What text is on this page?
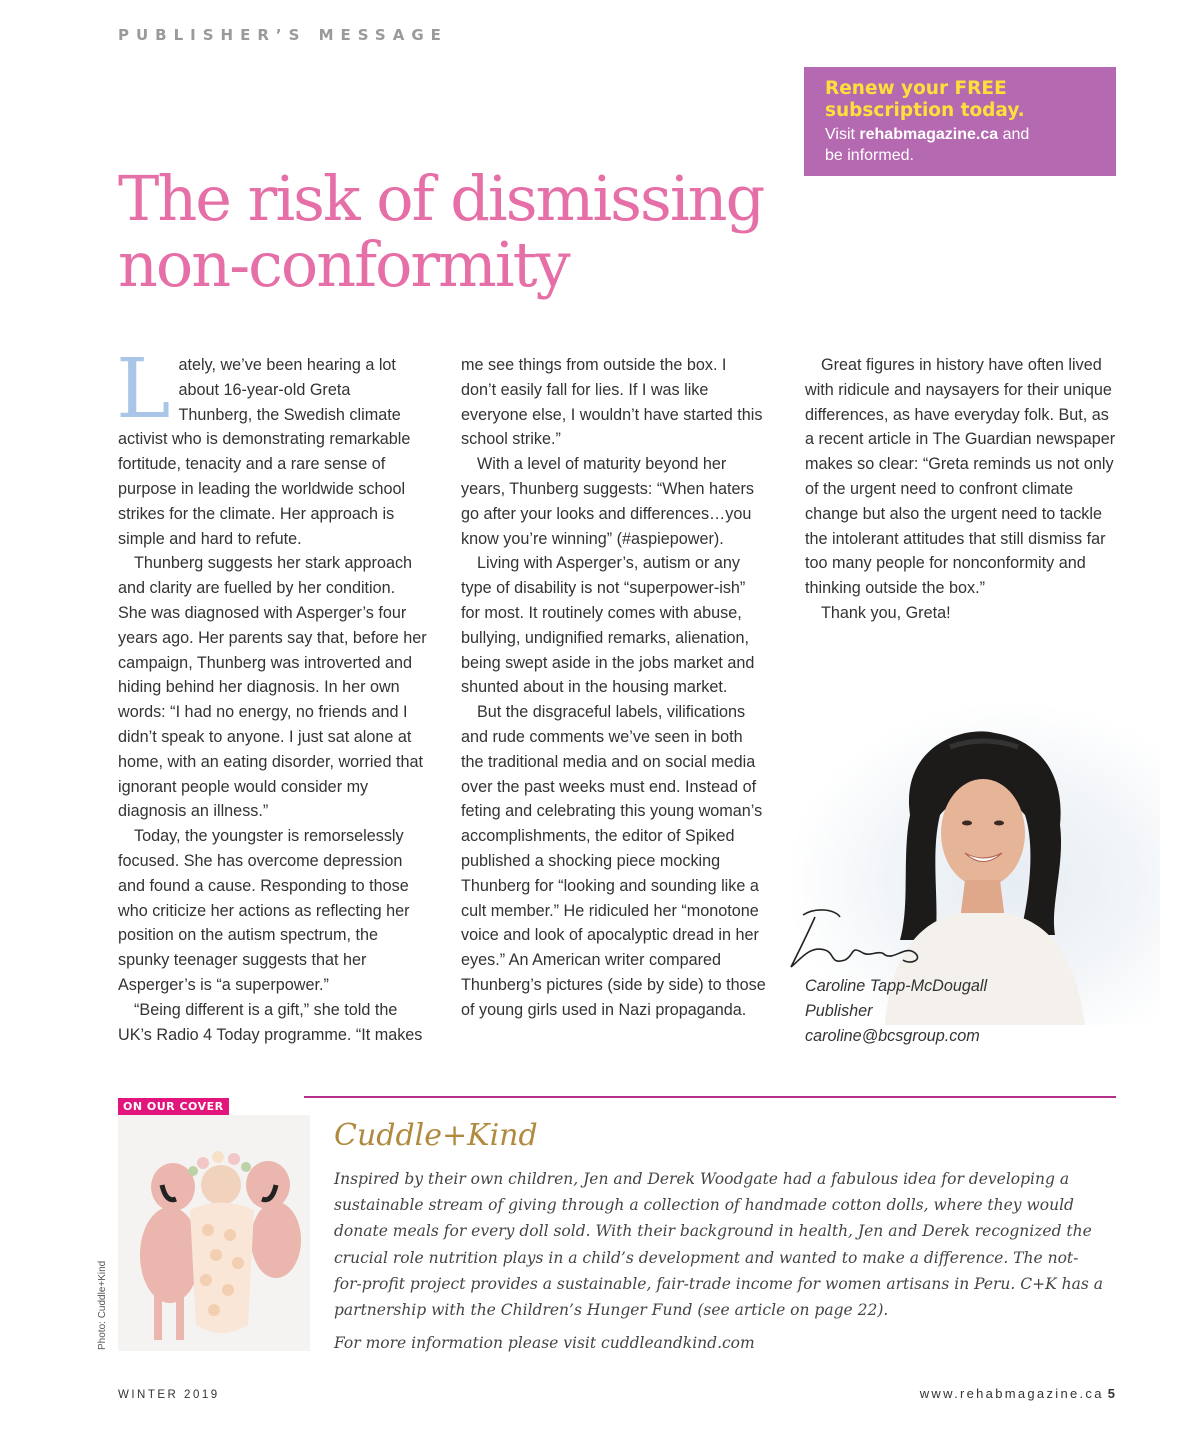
PUBLISHER’S MESSAGE
Renew your FREE subscription today.
Visit rehabmagazine.ca and
be informed.
The risk of dismissing
non-conformity

Lately, we’ve been hearing a lot about 16-year-old Greta Thunberg, the Swedish climate activist who is demonstrating remarkable fortitude, tenacity and a rare sense of purpose in leading the worldwide school strikes for the climate. Her approach is simple and hard to refute.

Thunberg suggests her stark approach and clarity are fuelled by her condition. She was diagnosed with Asperger’s four years ago. Her parents say that, before her campaign, Thunberg was introverted and hiding behind her diagnosis. In her own words: “I had no energy, no friends and I didn’t speak to anyone. I just sat alone at home, with an eating disorder, worried that ignorant people would consider my diagnosis an illness.”

Today, the youngster is remorselessly focused. She has overcome depression and found a cause. Responding to those who criticize her actions as reflecting her position on the autism spectrum, the spunky teenager suggests that her Asperger’s is “a superpower.”

“Being different is a gift,” she told the UK’s Radio 4 Today programme. “It makes

me see things from outside the box. I don’t easily fall for lies. If I was like everyone else, I wouldn’t have started this school strike.”

With a level of maturity beyond her years, Thunberg suggests: “When haters go after your looks and differences…you know you’re winning” (#aspiepower).

Living with Asperger’s, autism or any type of disability is not “superpower-ish” for most. It routinely comes with abuse, bullying, undignified remarks, alienation, being swept aside in the jobs market and shunted about in the housing market.

But the disgraceful labels, vilifications and rude comments we’ve seen in both the traditional media and on social media over the past weeks must end. Instead of feting and celebrating this young woman’s accomplishments, the editor of Spiked published a shocking piece mocking Thunberg for “looking and sounding like a cult member.” He ridiculed her “monotone voice and look of apocalyptic dread in her eyes.” An American writer compared Thunberg’s pictures (side by side) to those of young girls used in Nazi propaganda.

Great figures in history have often lived with ridicule and naysayers for their unique differences, as have everyday folk. But, as a recent article in The Guardian newspaper makes so clear: “Greta reminds us not only of the urgent need to confront climate change but also the urgent need to tackle the intolerant attitudes that still dismiss far too many people for nonconformity and thinking outside the box.”

Thank you, Greta!

Caroline Tapp-McDougall
Publisher
caroline@bcsgroup.com
ON OUR COVER
Photo: Cuddle+Kind
Cuddle+Kind
Inspired by their own children, Jen and Derek Woodgate had a fabulous idea for developing a sustainable stream of giving through a collection of handmade cotton dolls, where they would donate meals for every doll sold. With their background in health, Jen and Derek recognized the crucial role nutrition plays in a child’s development and wanted to make a difference. The not-for-profit project provides a sustainable, fair-trade income for women artisans in Peru. C+K has a partnership with the Children’s Hunger Fund (see article on page 22).
For more information please visit cuddleandkind.com
WINTER 2019	www.rehabmagazine.ca 5
